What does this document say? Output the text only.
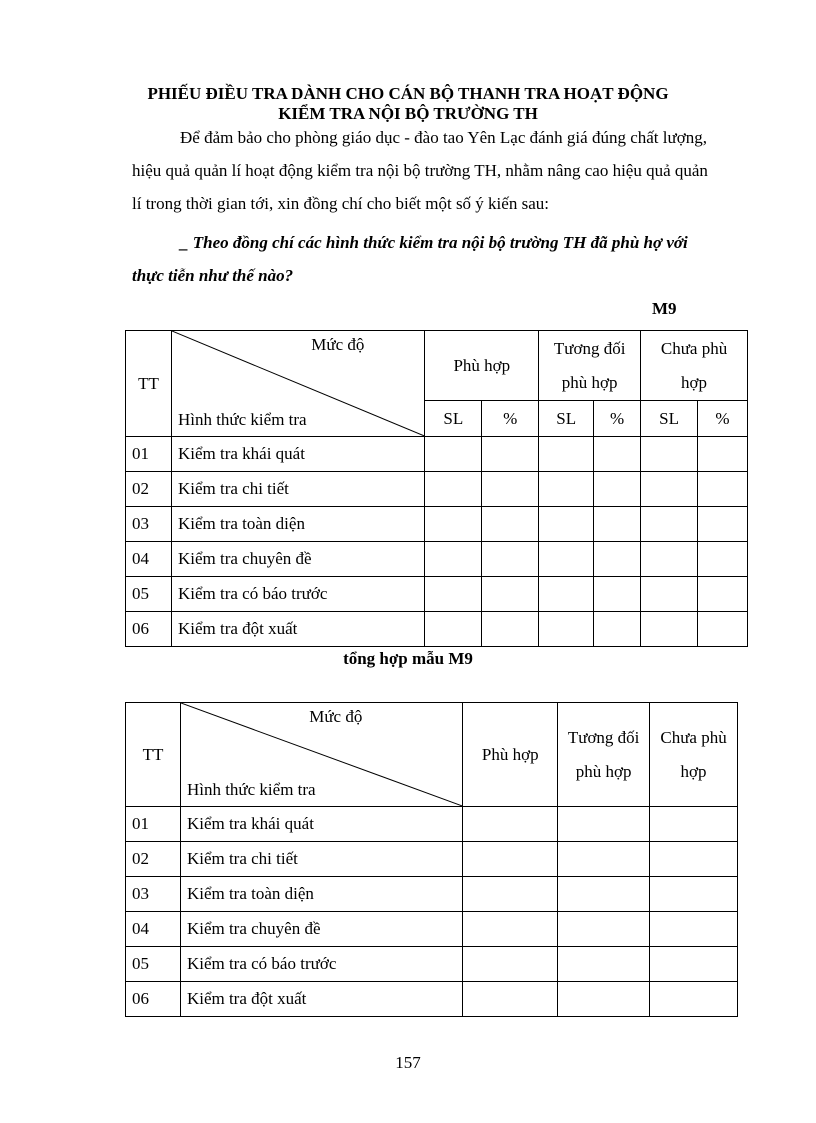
PHIẾU ĐIỀU TRA DÀNH CHO CÁN BỘ THANH TRA HOẠT ĐỘNG
KIỂM TRA NỘI BỘ TRƯỜNG TH
Để đảm bảo cho phòng giáo dục - đào tao Yên Lạc đánh giá đúng chất lượng, hiệu quả quản lí hoạt động kiểm tra nội bộ trường TH, nhằm nâng cao hiệu quả quản lí trong thời gian tới, xin đồng chí cho biết một số ý kiến sau:
_ Theo đồng chí các hình thức kiểm tra nội bộ trường TH đã phù hợ với thực tiễn như thế nào?
M9
TT	Mức độ
Hình thức kiểm tra	Phù hợp		Tương đối phù hợp		Chưa phù hợp	
		SL	%	SL	%	SL	%
01	Kiểm tra khái quát						
02	Kiểm tra chi tiết						
03	Kiểm tra toàn diện						
04	Kiểm tra chuyên đề						
05	Kiểm tra có báo trước						
06	Kiểm tra đột xuất						
tổng hợp mẫu M9
TT	Mức độ
Hình thức kiểm tra	Phù hợp	Tương đối phù hợp	Chưa phù hợp
01	Kiểm tra khái quát			
02	Kiểm tra chi tiết			
03	Kiểm tra toàn diện			
04	Kiểm tra chuyên đề			
05	Kiểm tra có báo trước			
06	Kiểm tra đột xuất			
157
